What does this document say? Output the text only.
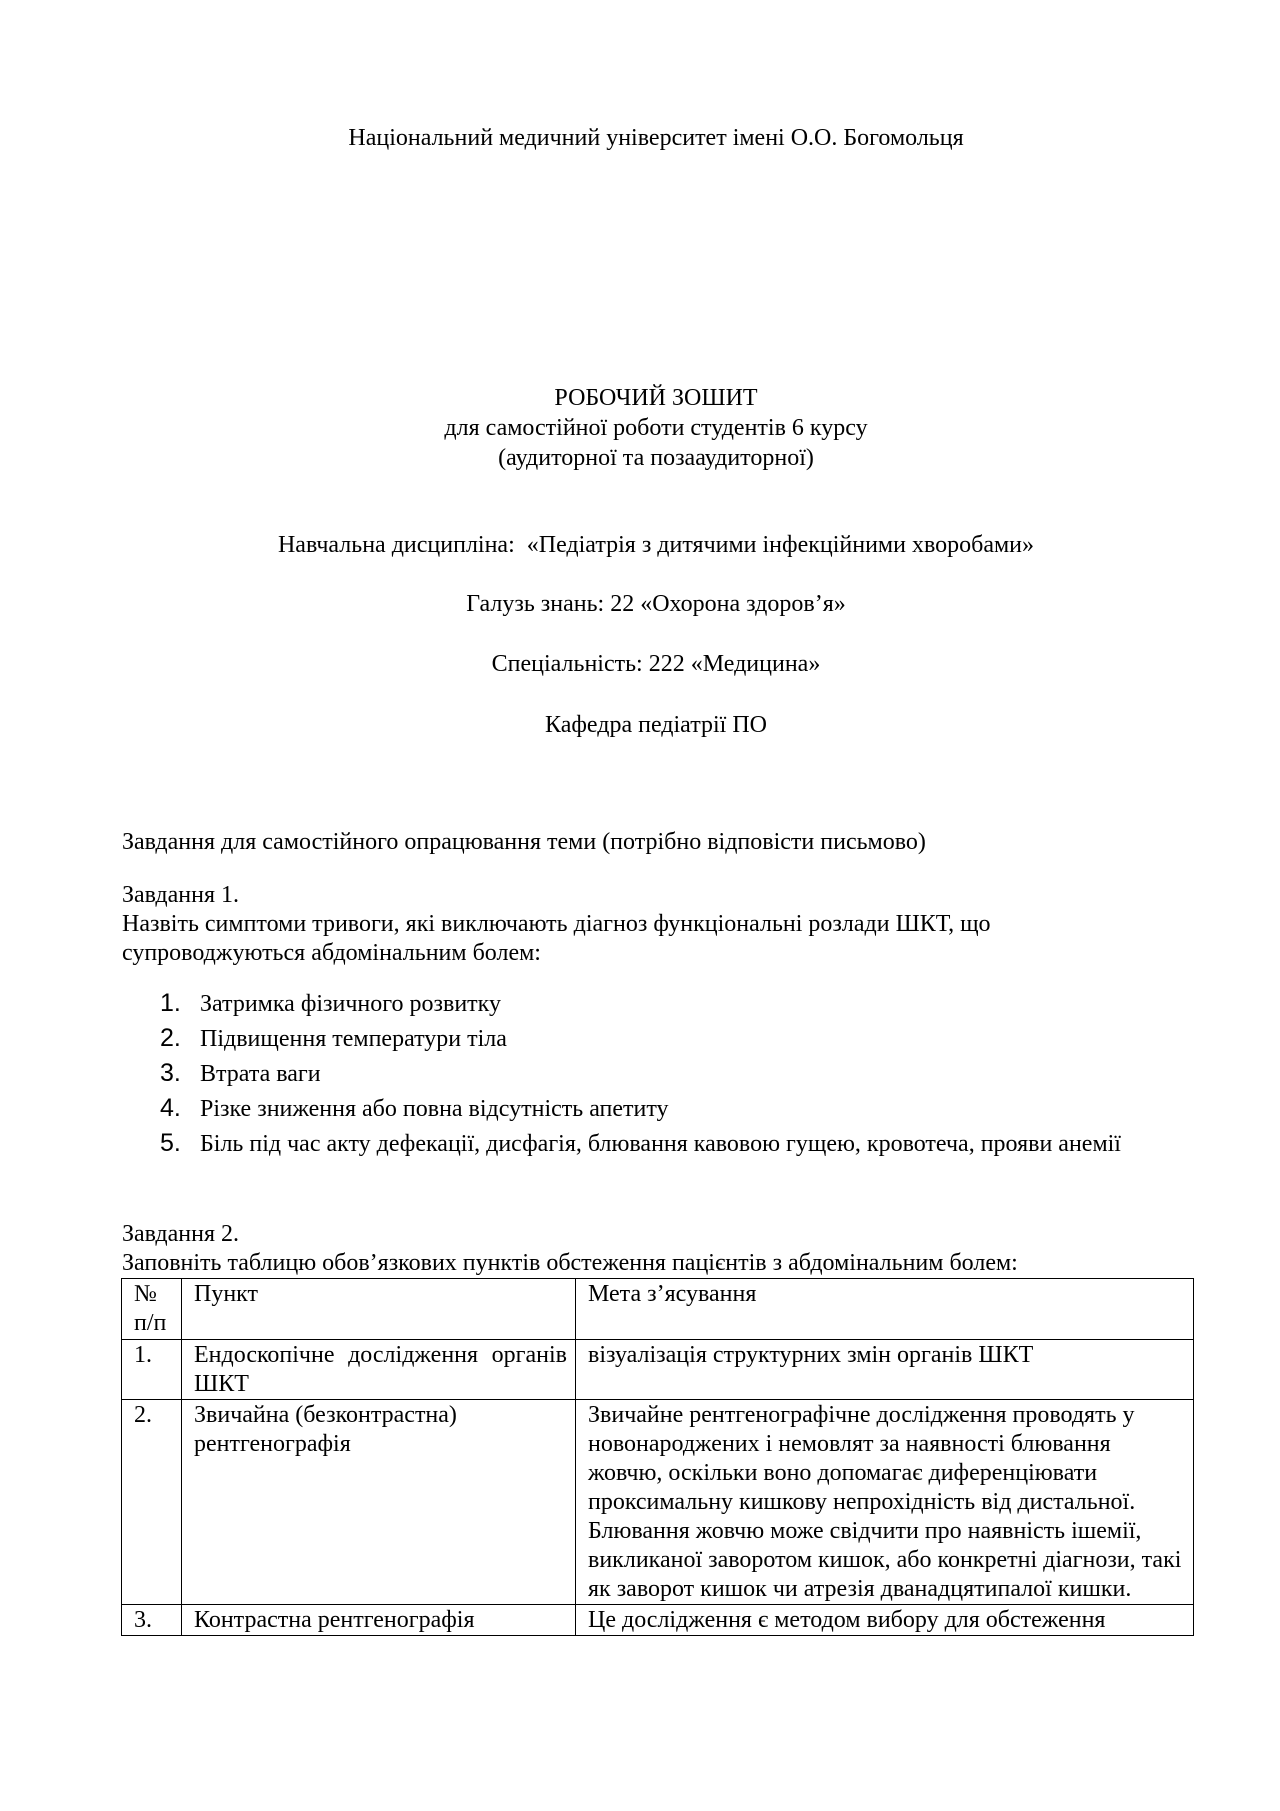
Національний медичний університет імені О.О. Богомольця
РОБОЧИЙ ЗОШИТ
для самостійної роботи студентів 6 курсу
(аудиторної та позааудиторної)
Навчальна дисципліна:  «Педіатрія з дитячими інфекційними хворобами»
Галузь знань: 22 «Охорона здоров’я»
Спеціальність: 222 «Медицина»
Кафедра педіатрії ПО
Завдання для самостійного опрацювання теми (потрібно відповісти письмово)
Завдання 1.
Назвіть симптоми тривоги, які виключають діагноз функціональні розлади ШКТ, що
супроводжуються абдомінальним болем:
1. Затримка фізичного розвитку
2. Підвищення температури тіла
3. Втрата ваги
4. Різке зниження або повна відсутність апетиту
5. Біль під час акту дефекації, дисфагія, блювання кавовою гущею, кровотеча, прояви анемії
Завдання 2.
Заповніть таблицю обов’язкових пунктів обстеження пацієнтів з абдомінальним болем:
№ п/п	Пункт	Мета з’ясування
1.	Ендоскопічне дослідження органів ШКТ	візуалізація структурних змін органів ШКТ
2.	Звичайна (безконтрастна) рентгенографія	Звичайне рентгенографічне дослідження проводять у новонароджених і немовлят за наявності блювання жовчю, оскільки воно допомагає диференціювати проксимальну кишкову непрохідність від дистальної. Блювання жовчю може свідчити про наявність ішемії, викликаної заворотом кишок, або конкретні діагнози, такі як заворот кишок чи атрезія дванадцятипалої кишки.
3.	Контрастна рентгенографія	Це дослідження є методом вибору для обстеження
